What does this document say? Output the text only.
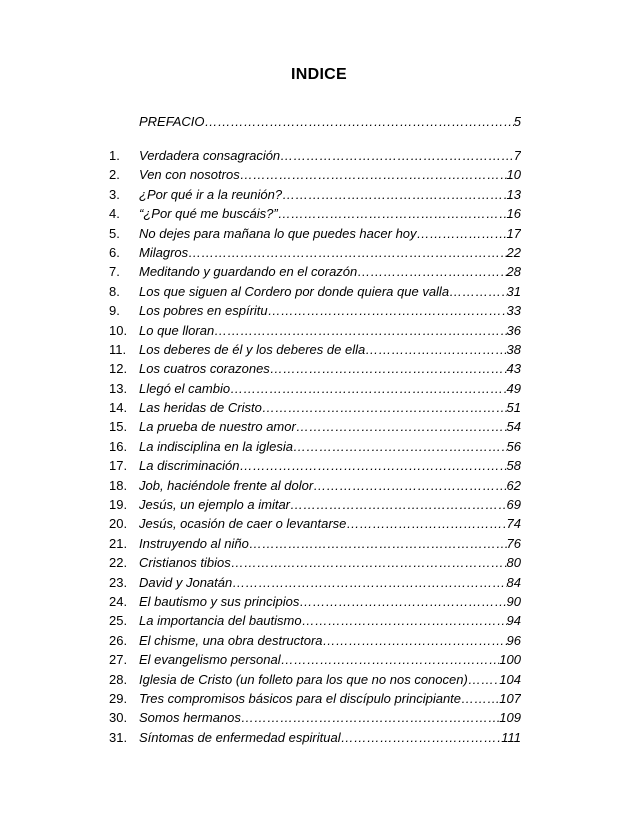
INDICE
PREFACIO ……………………………………………………………………………………………………………………………………………………………………	5
1.	Verdadera consagración ……………………………………………………………………………………………………………………………………………………………………	7
2.	Ven con nosotros ……………………………………………………………………………………………………………………………………………………………………	10
3.	¿Por qué ir a la reunión? ……………………………………………………………………………………………………………………………………………………………………	13
4.	“¿Por qué me buscáis?” ……………………………………………………………………………………………………………………………………………………………………	16
5.	No dejes para mañana lo que puedes hacer hoy ……………………………………………………………………………………………………………………………………………………………………	17
6.	Milagros ……………………………………………………………………………………………………………………………………………………………………	22
7.	Meditando y guardando en el corazón ……………………………………………………………………………………………………………………………………………………………………	28
8.	Los que siguen al Cordero por donde quiera que valla ……………………………………………………………………………………………………………………………………………………………………	31
9.	Los pobres en espíritu ……………………………………………………………………………………………………………………………………………………………………	33
10. Lo que lloran ……………………………………………………………………………………………………………………………………………………………………	36
11. Los deberes de él y los deberes de ella ……………………………………………………………………………………………………………………………………………………………………	38
12. Los cuatros corazones ……………………………………………………………………………………………………………………………………………………………………	43
13. Llegó el cambio ……………………………………………………………………………………………………………………………………………………………………	49
14. Las heridas de Cristo ……………………………………………………………………………………………………………………………………………………………………	51
15. La prueba de nuestro amor ……………………………………………………………………………………………………………………………………………………………………	54
16. La indisciplina en la iglesia ……………………………………………………………………………………………………………………………………………………………………	56
17. La discriminación ……………………………………………………………………………………………………………………………………………………………………	58
18. Job, haciéndole frente al dolor ……………………………………………………………………………………………………………………………………………………………………	62
19. Jesús, un ejemplo a imitar ……………………………………………………………………………………………………………………………………………………………………	69
20. Jesús, ocasión de caer o levantarse ……………………………………………………………………………………………………………………………………………………………………	74
21. Instruyendo al niño ……………………………………………………………………………………………………………………………………………………………………	76
22. Cristianos tibios ……………………………………………………………………………………………………………………………………………………………………	80
23. David y Jonatán ……………………………………………………………………………………………………………………………………………………………………	84
24. El bautismo y sus principios ……………………………………………………………………………………………………………………………………………………………………	90
25. La importancia del bautismo ……………………………………………………………………………………………………………………………………………………………………	94
26. El chisme, una obra destructora ……………………………………………………………………………………………………………………………………………………………………	96
27. El evangelismo personal ……………………………………………………………………………………………………………………………………………………………………	100
28. Iglesia de Cristo (un folleto para los que no nos conocen) …………………………………………………………………………………………………………………………………………………………………… 104
29. Tres compromisos básicos para el discípulo principiante ……………………………………………………………………………………………………………………………………………………………………	107
30. Somos hermanos ……………………………………………………………………………………………………………………………………………………………………	109
31. Síntomas de enfermedad espiritual ……………………………………………………………………………………………………………………………………………………………………	111
